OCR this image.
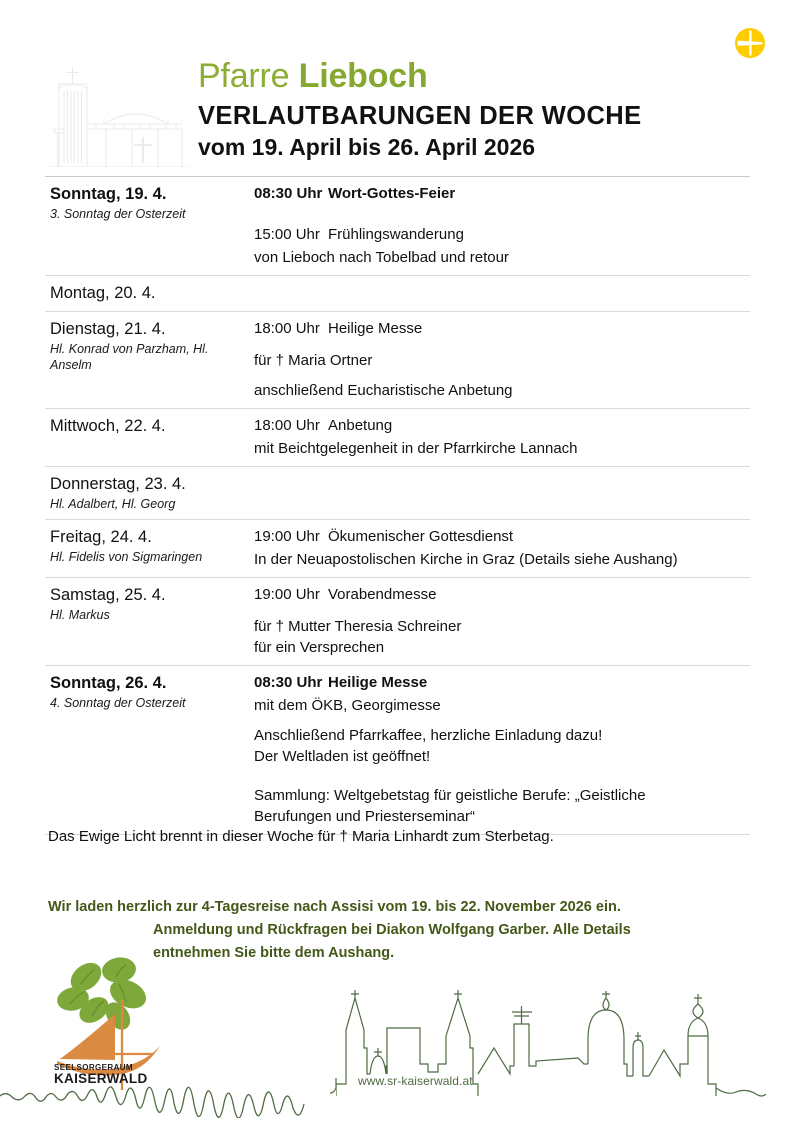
Pfarre Lieboch
VERLAUTBARUNGEN DER WOCHE
vom 19. April bis 26. April 2026
Sonntag, 19. 4.
3. Sonntag der Osterzeit
08:30 Uhr Wort-Gottes-Feier
15:00 Uhr Frühlingswanderung
von Lieboch nach Tobelbad und retour
Montag, 20. 4.
Dienstag, 21. 4.
Hl. Konrad von Parzham, Hl. Anselm
18:00 Uhr Heilige Messe
für † Maria Ortner
anschließend Eucharistische Anbetung
Mittwoch, 22. 4.	18:00 Uhr Anbetung
mit Beichtgelegenheit in der Pfarrkirche Lannach
Donnerstag, 23. 4.
Hl. Adalbert, Hl. Georg
Freitag, 24. 4.
Hl. Fidelis von Sigmaringen
19:00 Uhr Ökumenischer Gottesdienst
In der Neuapostolischen Kirche in Graz (Details siehe Aushang)
Samstag, 25. 4.
Hl. Markus
19:00 Uhr Vorabendmesse
für † Mutter Theresia Schreiner
für ein Versprechen
Sonntag, 26. 4.
4. Sonntag der Osterzeit
08:30 Uhr Heilige Messe
mit dem ÖKB, Georgimesse
Anschließend Pfarrkaffee, herzliche Einladung dazu!
Der Weltladen ist geöffnet!
Sammlung: Weltgebetstag für geistliche Berufe: „Geistliche
Berufungen und Priesterseminar“
Das Ewige Licht brennt in dieser Woche für † Maria Linhardt zum Sterbetag.
Wir laden herzlich zur 4-Tagesreise nach Assisi vom 19. bis 22. November 2026 ein.
Anmeldung und Rückfragen bei Diakon Wolfgang Garber. Alle Details
entnehmen Sie bitte dem Aushang.
SEELSORGERAUM
KAISERWALD	www.sr-kaiserwald.at
